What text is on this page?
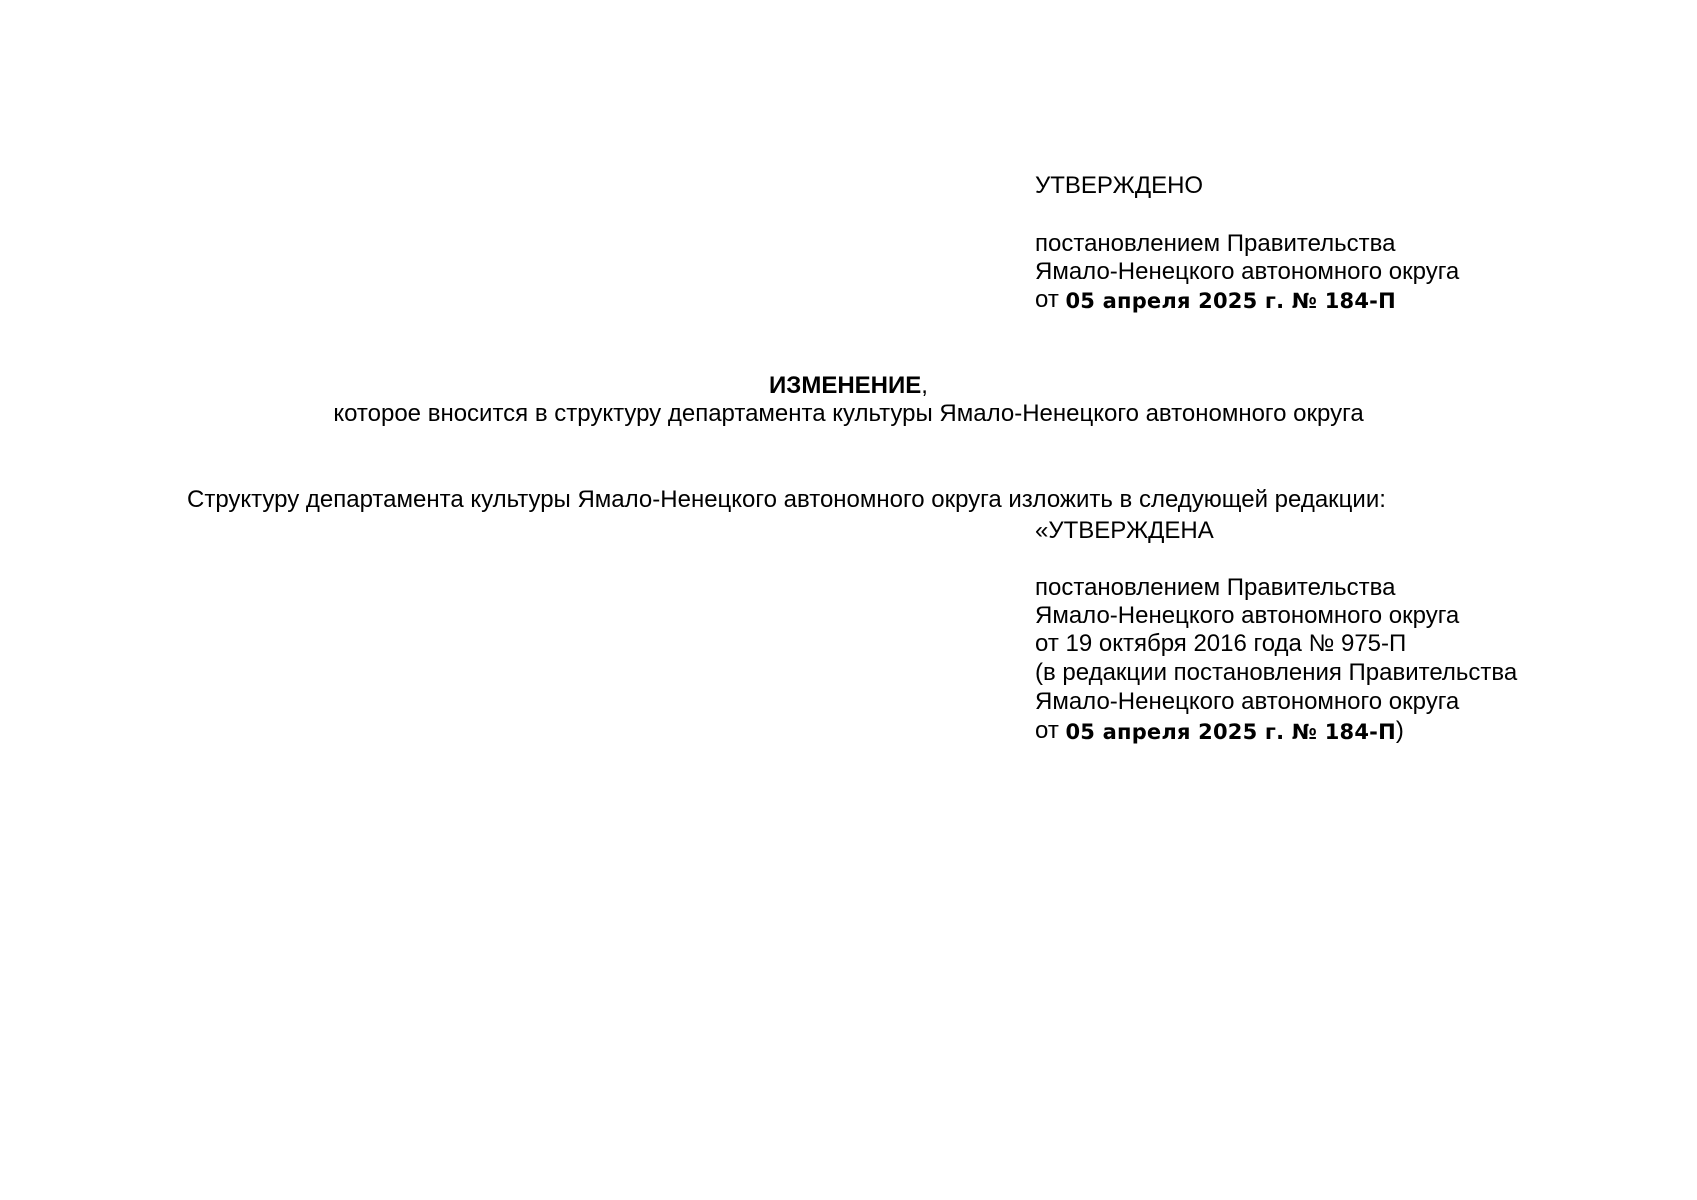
УТВЕРЖДЕНО
постановлением Правительства
Ямало-Ненецкого автономного округа
от 05 апреля 2025 г. № 184-П
ИЗМЕНЕНИЕ,
которое вносится в структуру департамента культуры Ямало-Ненецкого автономного округа
Структуру департамента культуры Ямало-Ненецкого автономного округа изложить в следующей редакции:
«УТВЕРЖДЕНА
постановлением Правительства
Ямало-Ненецкого автономного округа
от 19 октября 2016 года № 975-П
(в редакции постановления Правительства
Ямало-Ненецкого автономного округа
от 05 апреля 2025 г. № 184-П)
